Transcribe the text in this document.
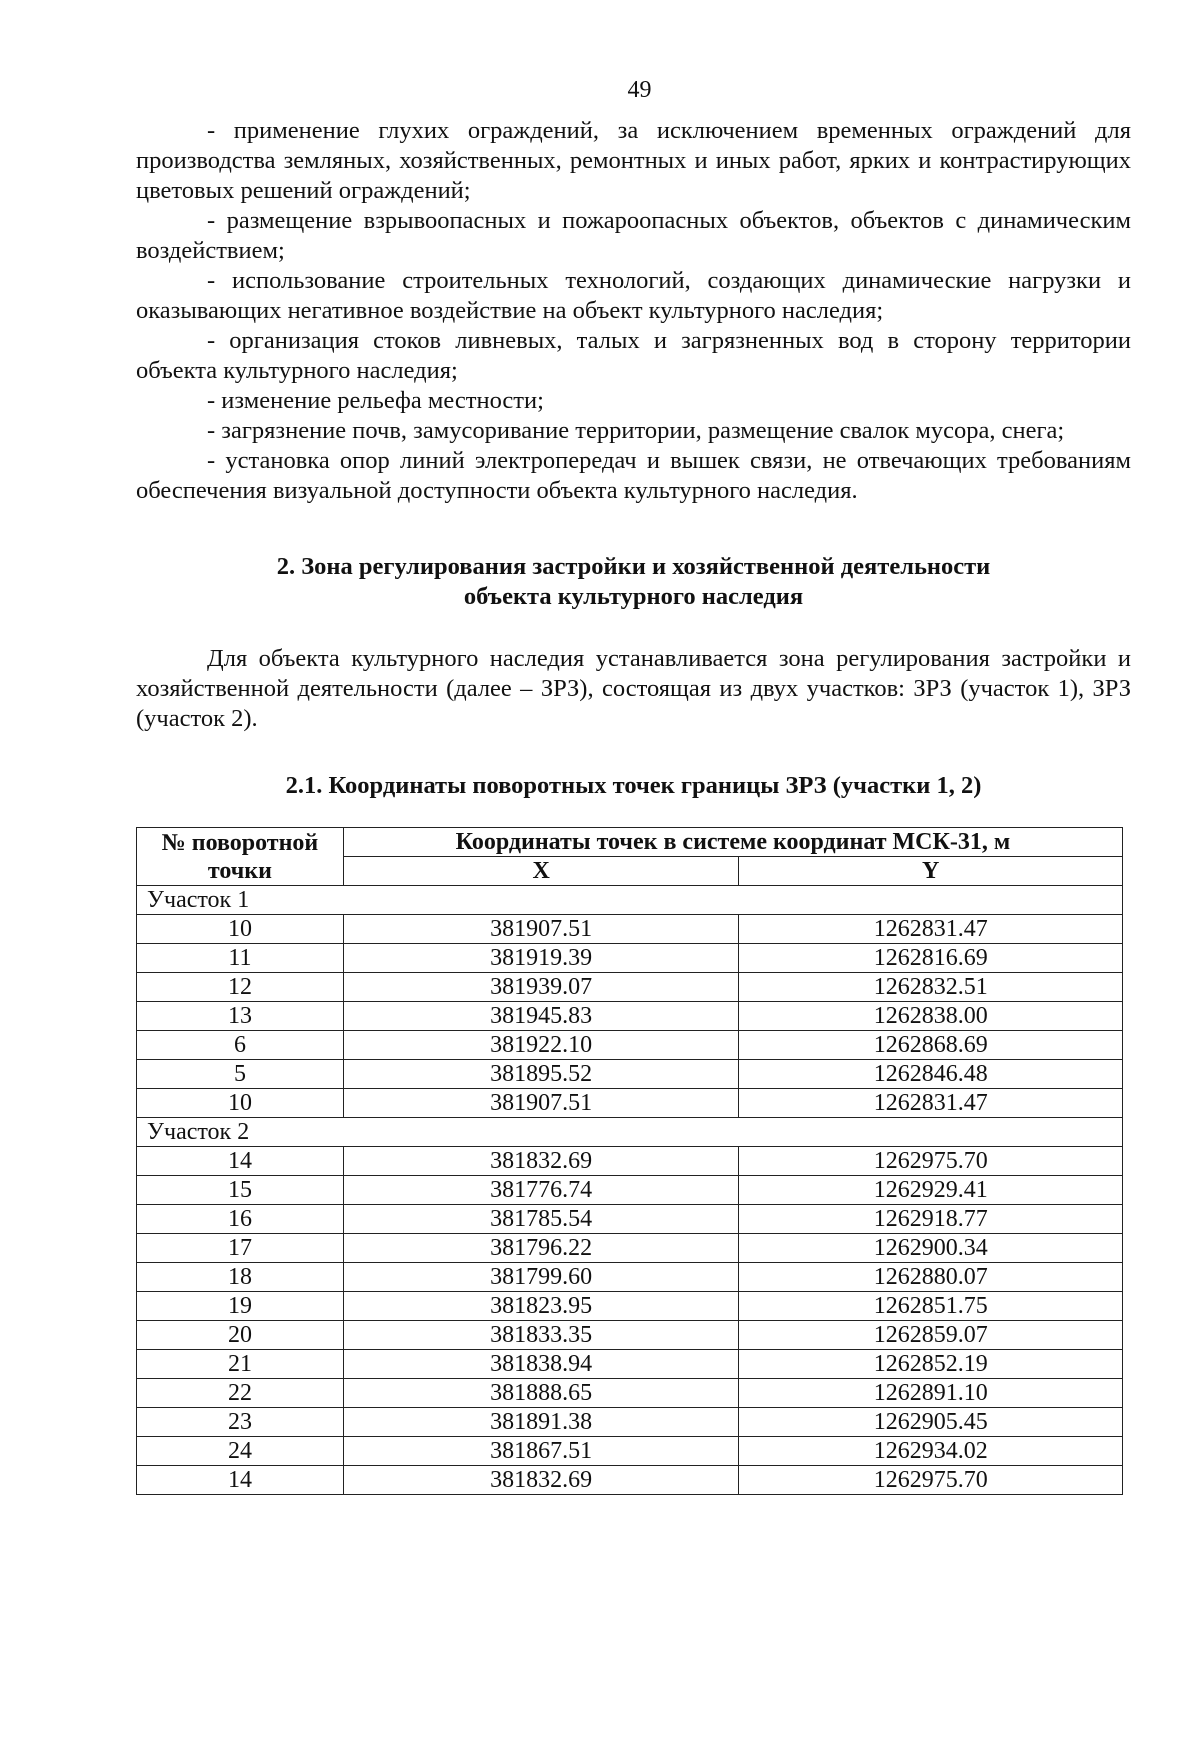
49

- применение глухих ограждений, за исключением временных ограждений для производства земляных, хозяйственных, ремонтных и иных работ, ярких и контрастирующих цветовых решений ограждений;

- размещение взрывоопасных и пожароопасных объектов, объектов с динамическим воздействием;

- использование строительных технологий, создающих динамические нагрузки и оказывающих негативное воздействие на объект культурного наследия;

- организация стоков ливневых, талых и загрязненных вод в сторону территории объекта культурного наследия;

- изменение рельефа местности;

- загрязнение почв, замусоривание территории, размещение свалок мусора, снега;

- установка опор линий электропередач и вышек связи, не отвечающих требованиям обеспечения визуальной доступности объекта культурного наследия.

2. Зона регулирования застройки и хозяйственной деятельности
объекта культурного наследия

Для объекта культурного наследия устанавливается зона регулирования застройки и хозяйственной деятельности (далее – ЗРЗ), состоящая из двух участков: ЗРЗ (участок 1), ЗРЗ (участок 2).

2.1. Координаты поворотных точек границы ЗРЗ (участки 1, 2)
№ поворотной точки	Координаты точек в системе координат МСК-31, м	
	X	Y
Участок 1		
10	381907.51	1262831.47
11	381919.39	1262816.69
12	381939.07	1262832.51
13	381945.83	1262838.00
6	381922.10	1262868.69
5	381895.52	1262846.48
10	381907.51	1262831.47
Участок 2		
14	381832.69	1262975.70
15	381776.74	1262929.41
16	381785.54	1262918.77
17	381796.22	1262900.34
18	381799.60	1262880.07
19	381823.95	1262851.75
20	381833.35	1262859.07
21	381838.94	1262852.19
22	381888.65	1262891.10
23	381891.38	1262905.45
24	381867.51	1262934.02
14	381832.69	1262975.70
